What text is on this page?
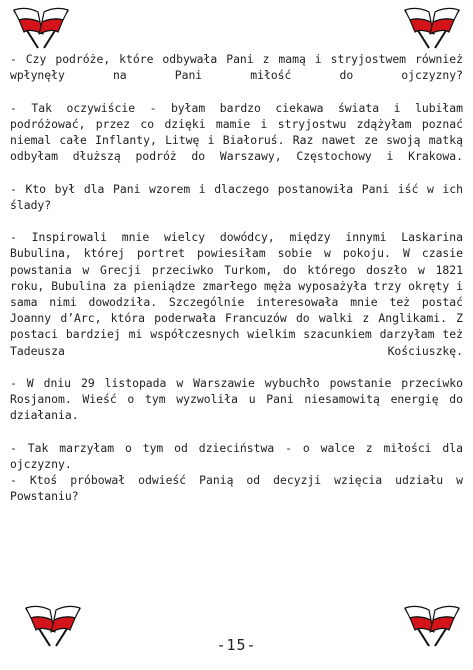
- Czy podróże, które odbywała Pani z mamą i stryjostwem również wpłynęły na Pani miłość do ojczyzny?

- Tak oczywiście - byłam bardzo ciekawa świata i lubiłam podróżować, przez co dzięki mamie i stryjostwu zdążyłam poznać niemal całe Inflanty, Litwę i Białoruś. Raz nawet ze swoją matką odbyłam dłuższą podróż do Warszawy, Częstochowy i Krakowa.

- Kto był dla Pani wzorem i dlaczego postanowiła Pani iść w ich ślady?

- Inspirowali mnie wielcy dowódcy, między innymi Laskarina Bubulina, której portret powiesiłam sobie w pokoju. W czasie powstania w Grecji przeciwko Turkom, do którego doszło w 1821 roku, Bubulina za pieniądze zmarłego męża wyposażyła trzy okręty i sama nimi dowodziła. Szczególnie interesowała mnie też postać Joanny d’Arc, która poderwała Francuzów do walki z Anglikami. Z postaci bardziej mi współczesnych wielkim szacunkiem darzyłam też Tadeusza Kościuszkę.

- W dniu 29 listopada w Warszawie wybuchło powstanie przeciwko Rosjanom. Wieść o tym wyzwoliła u Pani niesamowitą energię do działania.

- Tak marzyłam o tym od dzieciństwa - o walce z miłości dla ojczyzny.

- Ktoś próbował odwieść Panią od decyzji wzięcia udziału w Powstaniu?

-15-
